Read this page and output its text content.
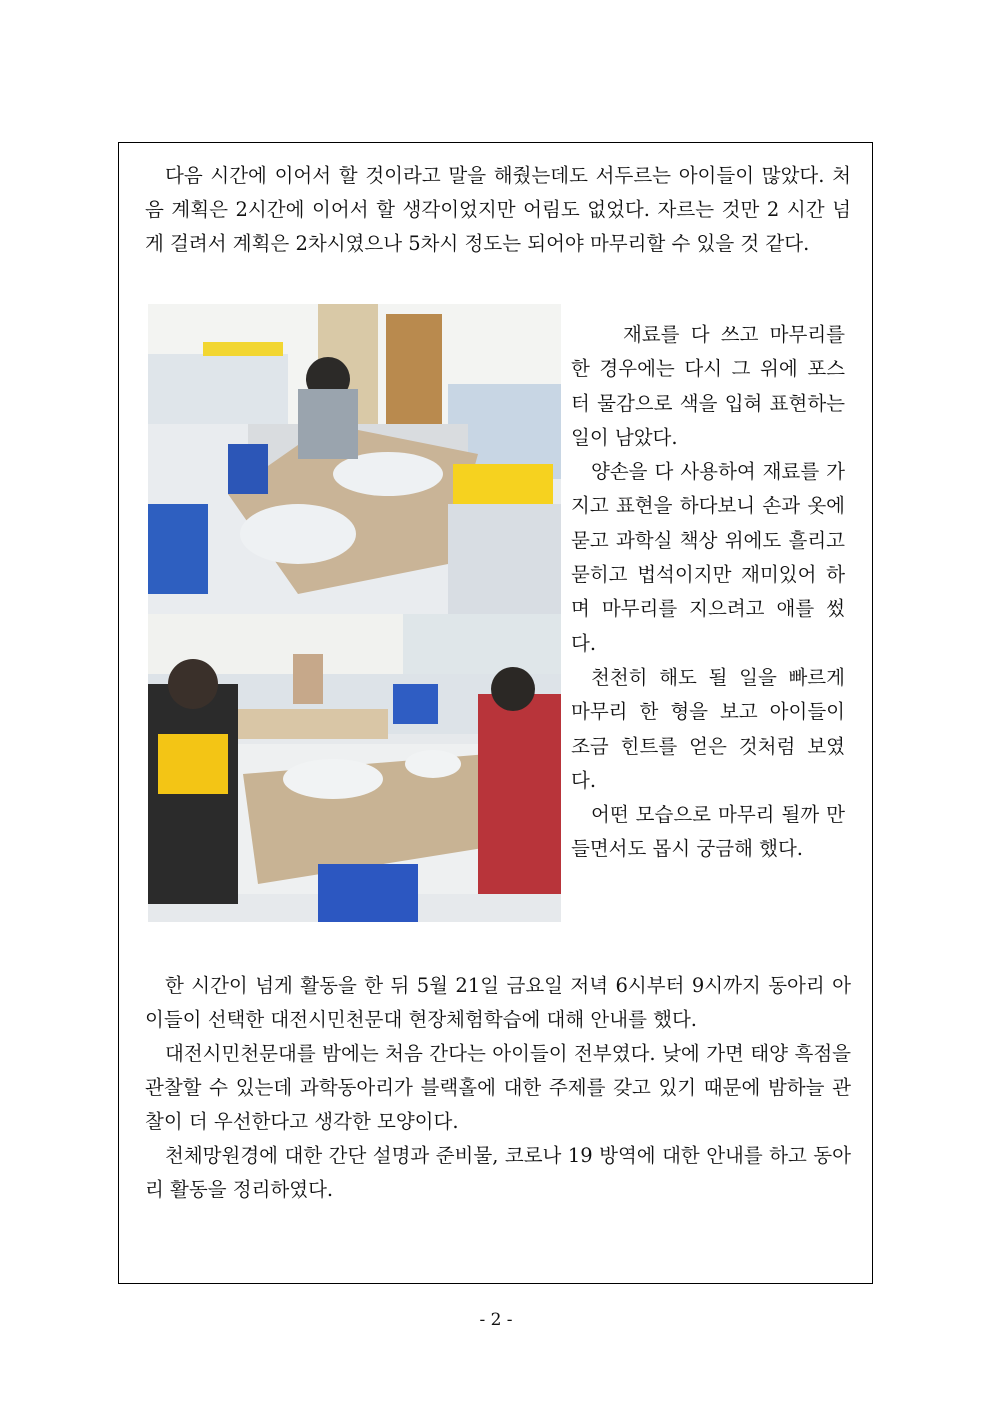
다음 시간에 이어서 할 것이라고 말을 해줬는데도 서두르는 아이들이 많았다. 처음 계획은 2시간에 이어서 할 생각이었지만 어림도 없었다. 자르는 것만 2 시간 넘게 걸려서 계획은 2차시였으나 5차시 정도는 되어야 마무리할 수 있을 것 같다.

재료를 다 쓰고 마무리를 한 경우에는 다시 그 위에 포스터 물감으로 색을 입혀 표현하는 일이 남았다.

양손을 다 사용하여 재료를 가지고 표현을 하다보니 손과 옷에 묻고 과학실 책상 위에도 흘리고 묻히고 법석이지만 재미있어 하며 마무리를 지으려고 애를 썼다.

천천히 해도 될 일을 빠르게 마무리 한 형을 보고 아이들이 조금 힌트를 얻은 것처럼 보였다.

어떤 모습으로 마무리 될까 만들면서도 몹시 궁금해 했다.

한 시간이 넘게 활동을 한 뒤 5월 21일 금요일 저녁 6시부터 9시까지 동아리 아이들이 선택한 대전시민천문대 현장체험학습에 대해 안내를 했다.

대전시민천문대를 밤에는 처음 간다는 아이들이 전부였다. 낮에 가면 태양 흑점을 관찰할 수 있는데 과학동아리가 블랙홀에 대한 주제를 갖고 있기 때문에 밤하늘 관찰이 더 우선한다고 생각한 모양이다.

천체망원경에 대한 간단 설명과 준비물, 코로나 19 방역에 대한 안내를 하고 동아리 활동을 정리하였다.

- 2 -
